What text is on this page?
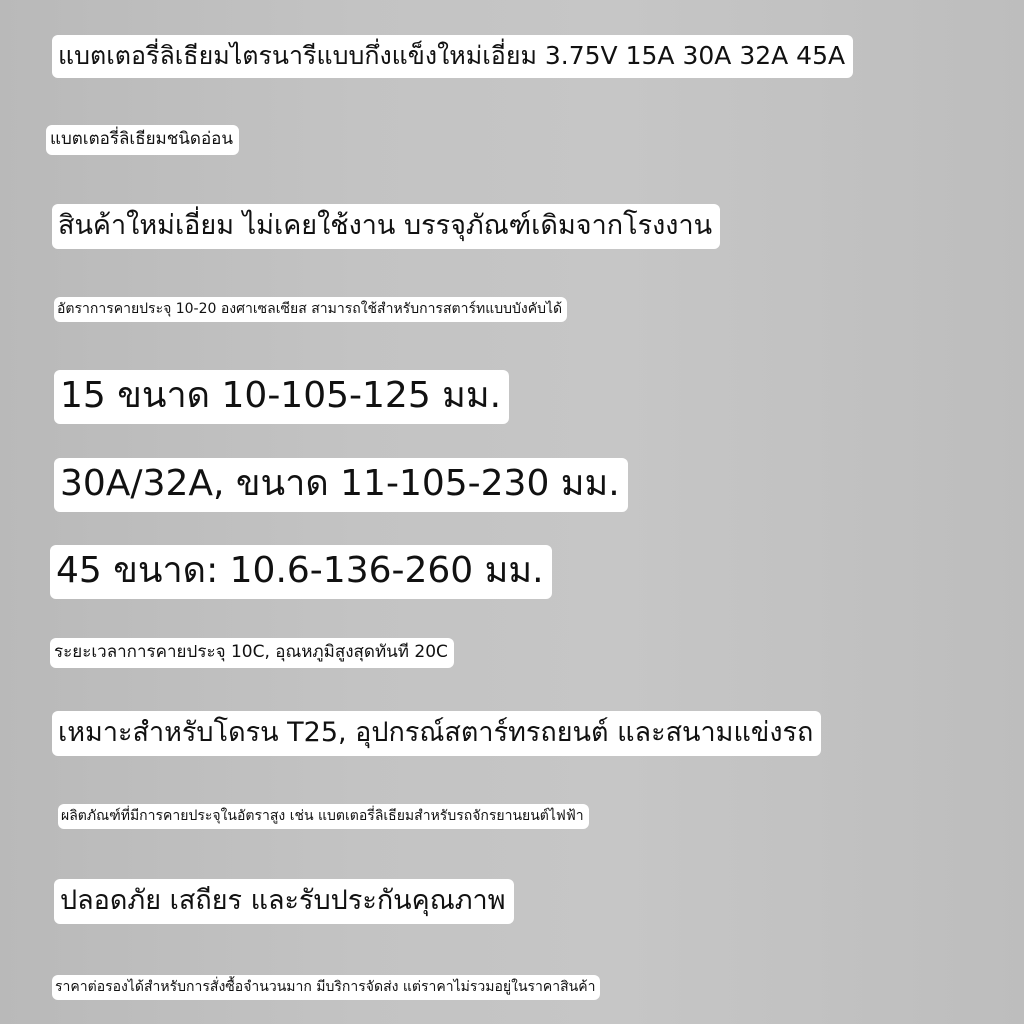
แบตเตอรี่ลิเธียมไตรนารีแบบกึ่งแข็งใหม่เอี่ยม 3.75V 15A 30A 32A 45A
แบตเตอรี่ลิเธียมชนิดอ่อน
สินค้าใหม่เอี่ยม ไม่เคยใช้งาน บรรจุภัณฑ์เดิมจากโรงงาน
อัตราการคายประจุ 10-20 องศาเซลเซียส สามารถใช้สำหรับการสตาร์ทแบบบังคับได้
15 ขนาด 10-105-125 มม.
30A/32A, ขนาด 11-105-230 มม.
45 ขนาด: 10.6-136-260 มม.
ระยะเวลาการคายประจุ 10C, อุณหภูมิสูงสุดทันที 20C
เหมาะสำหรับโดรน T25, อุปกรณ์สตาร์ทรถยนต์ และสนามแข่งรถ
ผลิตภัณฑ์ที่มีการคายประจุในอัตราสูง เช่น แบตเตอรี่ลิเธียมสำหรับรถจักรยานยนต์ไฟฟ้า
ปลอดภัย เสถียร และรับประกันคุณภาพ
ราคาต่อรองได้สำหรับการสั่งซื้อจำนวนมาก มีบริการจัดส่ง แต่ราคาไม่รวมอยู่ในราคาสินค้า
